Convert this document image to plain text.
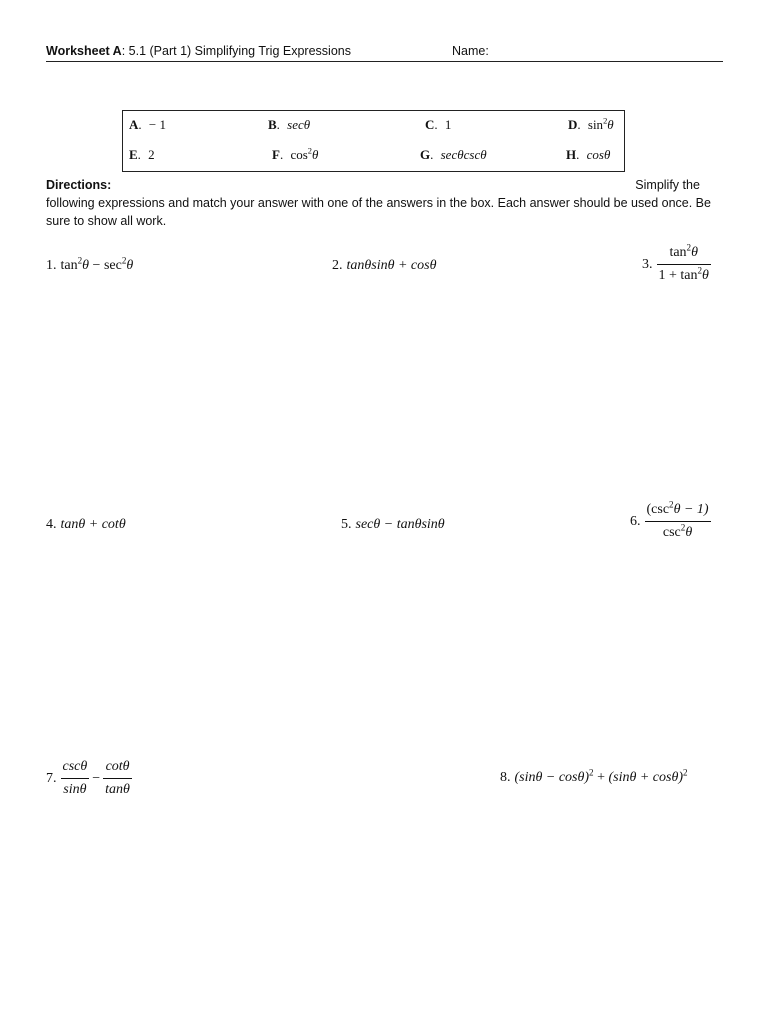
Worksheet A: 5.1 (Part 1) Simplifying Trig Expressions	Name:
A. − 1	B. secθ	C. 1	D. $\sin^2\theta$
E. 2	F. $\cos^2\theta$	G. secθcscθ	H. cosθ
Directions:	Simplify the following expressions and match your answer with one of the answers in the box. Each answer should be used once. Be sure to show all work.
1. $\tan^2\theta - \sec^2\theta$	2. tanθsinθ + cosθ	3. $\frac{\tan^2\theta}{1 + \tan^2\theta}$
4. tanθ + cotθ	5. secθ − tanθsinθ	6. $\frac{(\csc^2\theta - 1)}{\csc^2\theta}$
7. $\frac{\csc\theta}{\sin\theta} - \frac{\cot\theta}{\tan\theta}$	8. $(\sin\theta - \cos\theta)^2 + (\sin\theta + \cos\theta)^2$
